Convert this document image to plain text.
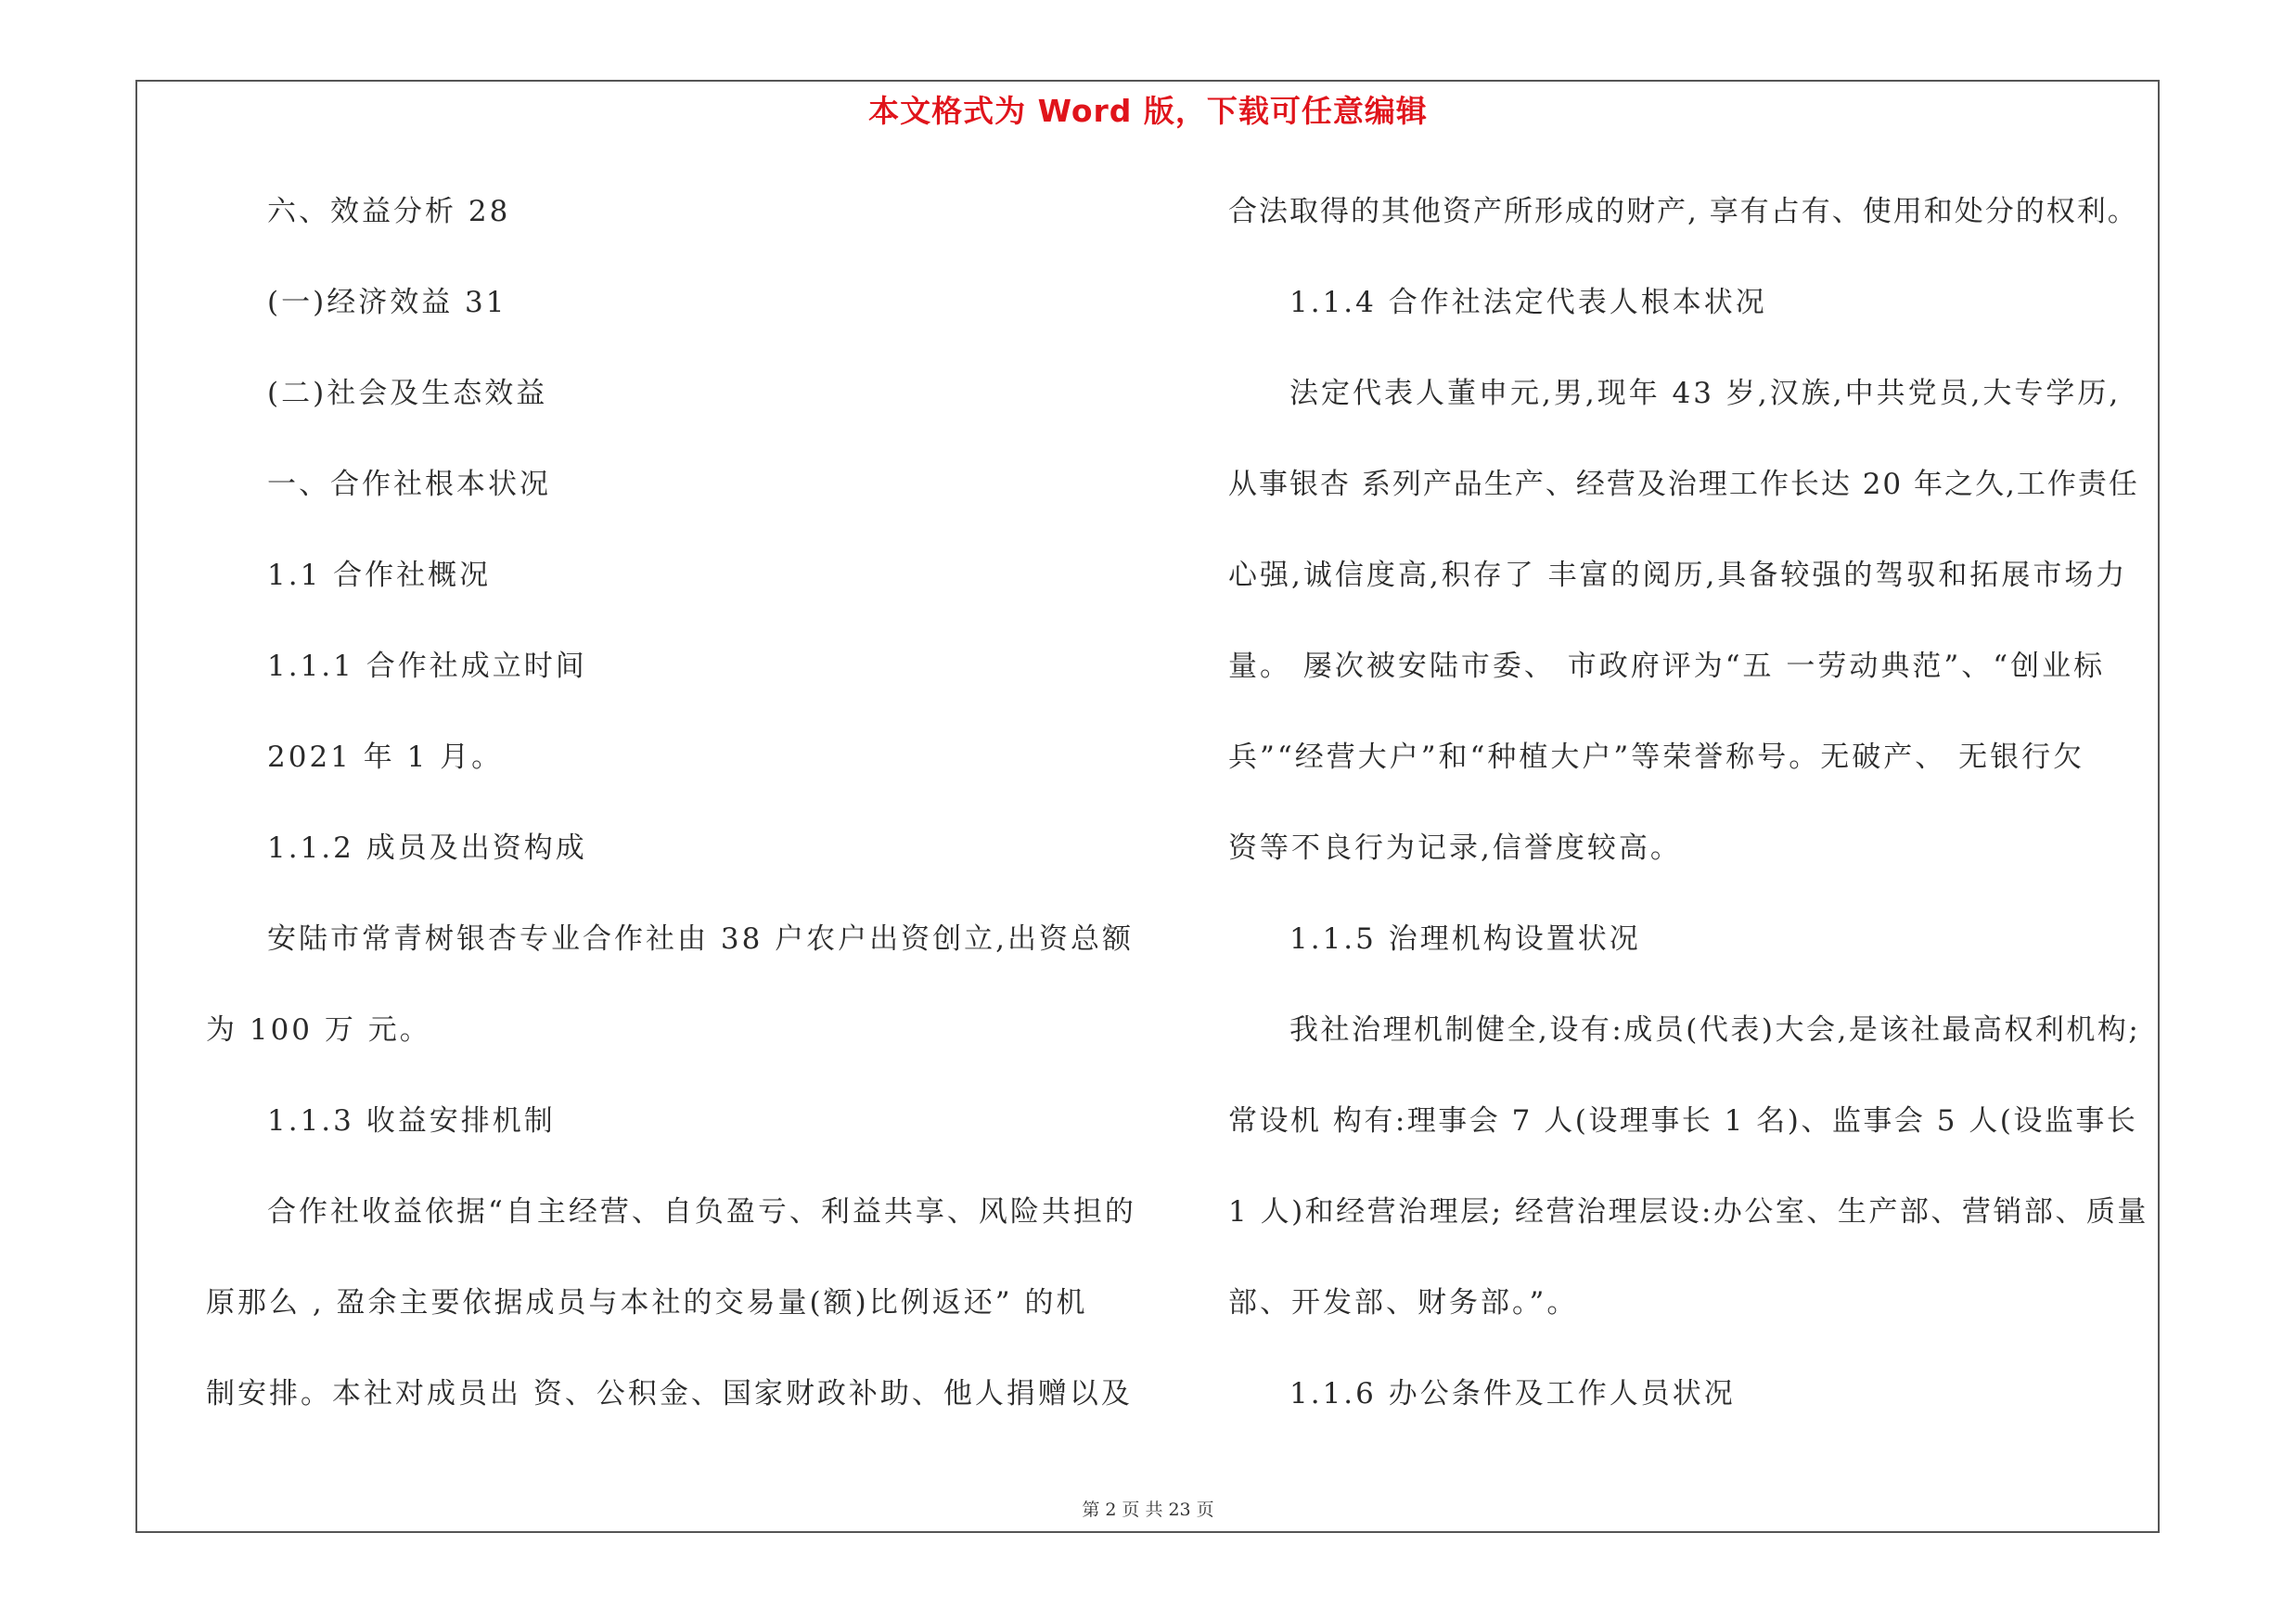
本文格式为 Word 版，下载可任意编辑
六、效益分析 28
(一)经济效益 31
(二)社会及生态效益
一、合作社根本状况
1.1 合作社概况
1.1.1 合作社成立时间
2021 年 1 月。
1.1.2 成员及出资构成
安陆市常青树银杏专业合作社由 38 户农户出资创立,出资总额
为 100 万 元。
1.1.3 收益安排机制
合作社收益依据“自主经营、自负盈亏、利益共享、风险共担的
原那么 , 盈余主要依据成员与本社的交易量(额)比例返还” 的机
制安排。本社对成员出 资、公积金、国家财政补助、他人捐赠以及
合法取得的其他资产所形成的财产, 享有占有、使用和处分的权利。
1.1.4 合作社法定代表人根本状况
法定代表人董申元,男,现年 43 岁,汉族,中共党员,大专学历,
从事银杏 系列产品生产、经营及治理工作长达 20 年之久,工作责任
心强,诚信度高,积存了 丰富的阅历,具备较强的驾驭和拓展市场力
量。 屡次被安陆市委、 市政府评为“五 一劳动典范”、“创业标
兵”“经营大户”和“种植大户”等荣誉称号。无破产、 无银行欠
资等不良行为记录,信誉度较高。
1.1.5 治理机构设置状况
我社治理机制健全,设有:成员(代表)大会,是该社最高权利机构;
常设机 构有:理事会 7 人(设理事长 1 名)、监事会 5 人(设监事长
1 人)和经营治理层; 经营治理层设:办公室、生产部、营销部、质量
部、开发部、财务部。”。
1.1.6 办公条件及工作人员状况
第 2 页 共 23 页
